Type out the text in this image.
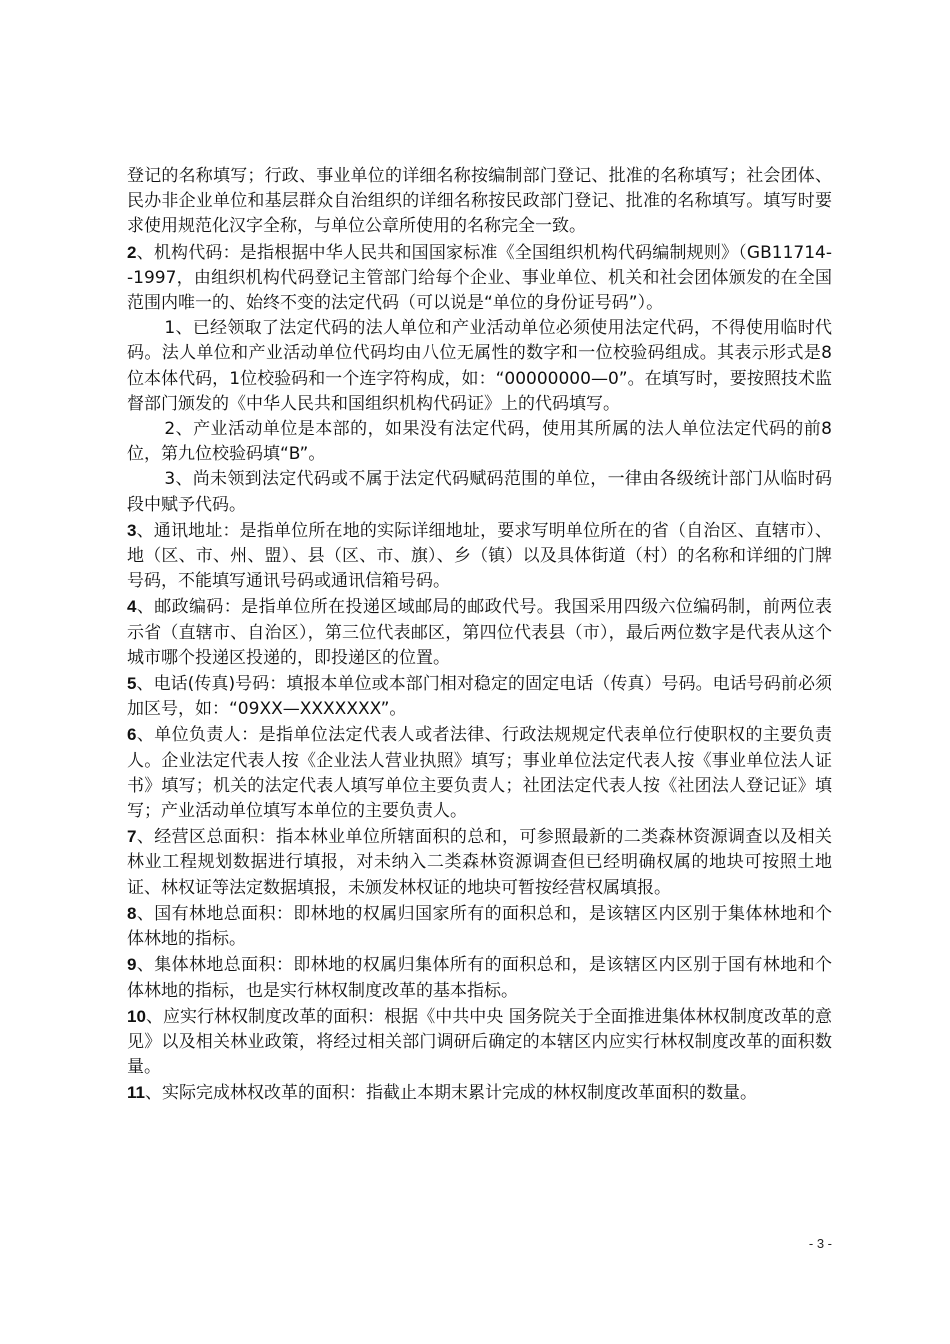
登记的名称填写；行政、事业单位的详细名称按编制部门登记、批准的名称填写；社会团体、民办非企业单位和基层群众自治组织的详细名称按民政部门登记、批准的名称填写。填写时要求使用规范化汉字全称，与单位公章所使用的名称完全一致。

2、机构代码：是指根据中华人民共和国国家标准《全国组织机构代码编制规则》（GB11714--1997，由组织机构代码登记主管部门给每个企业、事业单位、机关和社会团体颁发的在全国范围内唯一的、始终不变的法定代码（可以说是“单位的身份证号码”）。

1、已经领取了法定代码的法人单位和产业活动单位必须使用法定代码，不得使用临时代码。法人单位和产业活动单位代码均由八位无属性的数字和一位校验码组成。其表示形式是8位本体代码，1位校验码和一个连字符构成，如：“00000000—0”。在填写时，要按照技术监督部门颁发的《中华人民共和国组织机构代码证》上的代码填写。

2、产业活动单位是本部的，如果没有法定代码，使用其所属的法人单位法定代码的前8位，第九位校验码填“B”。

3、尚未领到法定代码或不属于法定代码赋码范围的单位，一律由各级统计部门从临时码段中赋予代码。

3、通讯地址：是指单位所在地的实际详细地址，要求写明单位所在的省（自治区、直辖市）、地（区、市、州、盟）、县（区、市、旗）、乡（镇）以及具体街道（村）的名称和详细的门牌号码，不能填写通讯号码或通讯信箱号码。

4、邮政编码：是指单位所在投递区域邮局的邮政代号。我国采用四级六位编码制，前两位表示省（直辖市、自治区），第三位代表邮区，第四位代表县（市），最后两位数字是代表从这个城市哪个投递区投递的，即投递区的位置。

5、电话(传真)号码：填报本单位或本部门相对稳定的固定电话（传真）号码。电话号码前必须加区号，如：“09XX—XXXXXXX”。

6、单位负责人：是指单位法定代表人或者法律、行政法规规定代表单位行使职权的主要负责人。企业法定代表人按《企业法人营业执照》填写；事业单位法定代表人按《事业单位法人证书》填写；机关的法定代表人填写单位主要负责人；社团法定代表人按《社团法人登记证》填写；产业活动单位填写本单位的主要负责人。

7、经营区总面积：指本林业单位所辖面积的总和，可参照最新的二类森林资源调查以及相关林业工程规划数据进行填报，对未纳入二类森林资源调查但已经明确权属的地块可按照土地证、林权证等法定数据填报，未颁发林权证的地块可暂按经营权属填报。

8、国有林地总面积：即林地的权属归国家所有的面积总和，是该辖区内区别于集体林地和个体林地的指标。

9、集体林地总面积：即林地的权属归集体所有的面积总和，是该辖区内区别于国有林地和个体林地的指标，也是实行林权制度改革的基本指标。

10、应实行林权制度改革的面积：根据《中共中央 国务院关于全面推进集体林权制度改革的意见》以及相关林业政策，将经过相关部门调研后确定的本辖区内应实行林权制度改革的面积数量。

11、实际完成林权改革的面积：指截止本期末累计完成的林权制度改革面积的数量。

- 3 -
